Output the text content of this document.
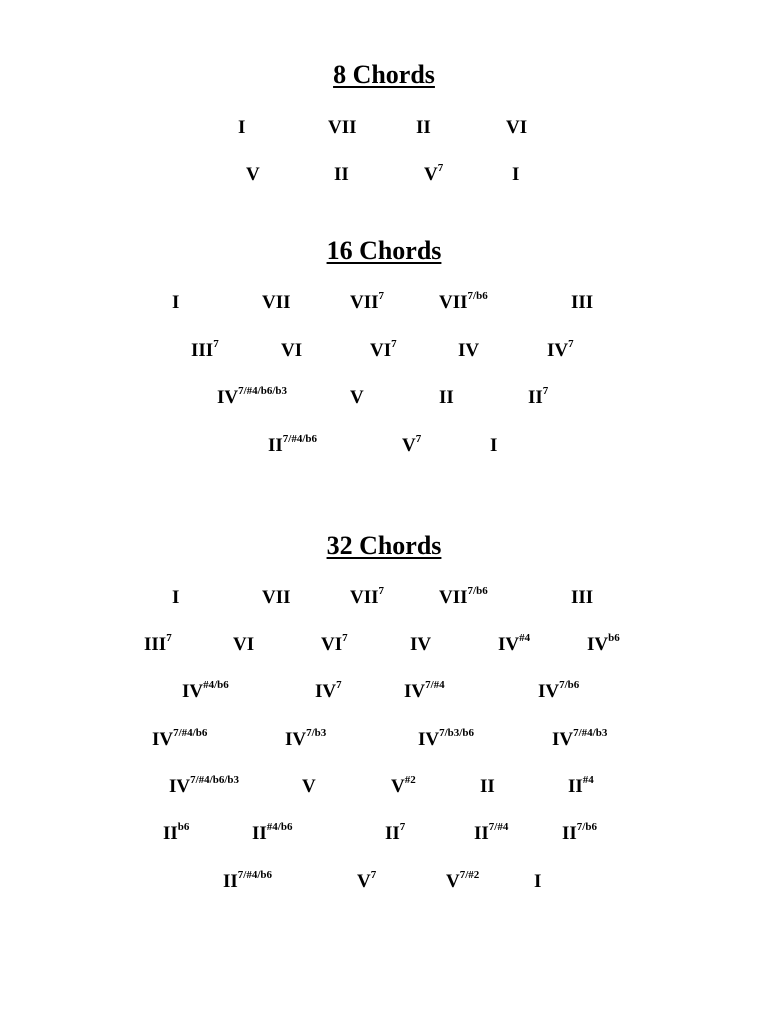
8 Chords
16 Chords
32 Chords
I	VII	II	VI
V	II	$V^7$	I
I	VII	VII$^7$	$VII^{7/b6}$	III
III$^7$	VI	$VI^7$	IV	$IV^7$
$IV^{7/\#4/b6/b3}$	V	II	$II^7$
$II^{7/\#4/b6}$	$V^7$	I
I	VII	VII$^7$	$VII^{7/b6}$	III
III$^7$	VI	$VI^7$	IV	IV$^{\#4}$	$IV^{b6}$
$IV^{\#4/b6}$	$IV^7$	$IV^{7/\#4}$	$IV^{7/b6}$
$IV^{7/\#4/b6}$	$IV^{7/b3}$	$IV^{7/b3/b6}$	$IV^{7/\#4/b3}$
$IV^{7/\#4/b6/b3}$	V	$V^{\#2}$	II	II$^{\#4}$
$II^{b6}$	$II^{\#4/b6}$	$II^7$	$II^{7/\#4}$	$II^{7/b6}$
$II^{7/\#4/b6}$	$V^7$	$V^{7/\#2}$	I
